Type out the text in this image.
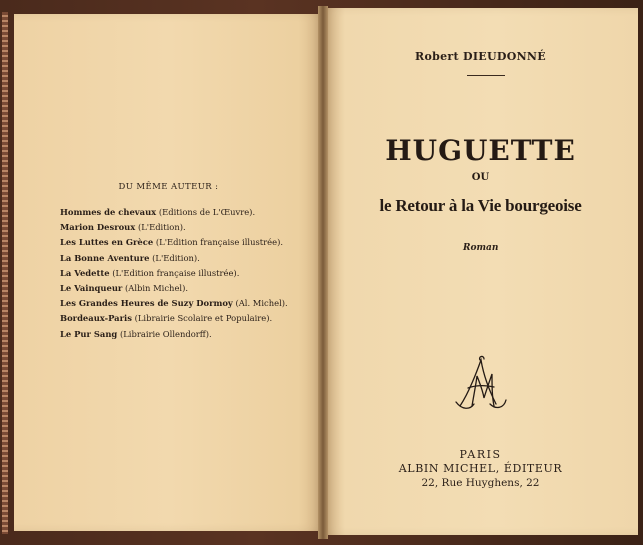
DU MÊME AUTEUR :
Hommes de chevaux (Editions de L'Œuvre).
Marion Desroux (L'Edition).
Les Luttes en Grèce (L'Edition française illustrée).
La Bonne Aventure (L'Edition).
La Vedette (L'Edition française illustrée).
Le Vainqueur (Albin Michel).
Les Grandes Heures de Suzy Dormoy (Al. Michel).
Bordeaux-Paris (Librairie Scolaire et Populaire).
Le Pur Sang (Librairie Ollendorff).
Robert DIEUDONNÉ
HUGUETTE
OU
le Retour à la Vie bourgeoise
Roman
PARIS
ALBIN MICHEL, ÉDITEUR
22, Rue Huyghens, 22
